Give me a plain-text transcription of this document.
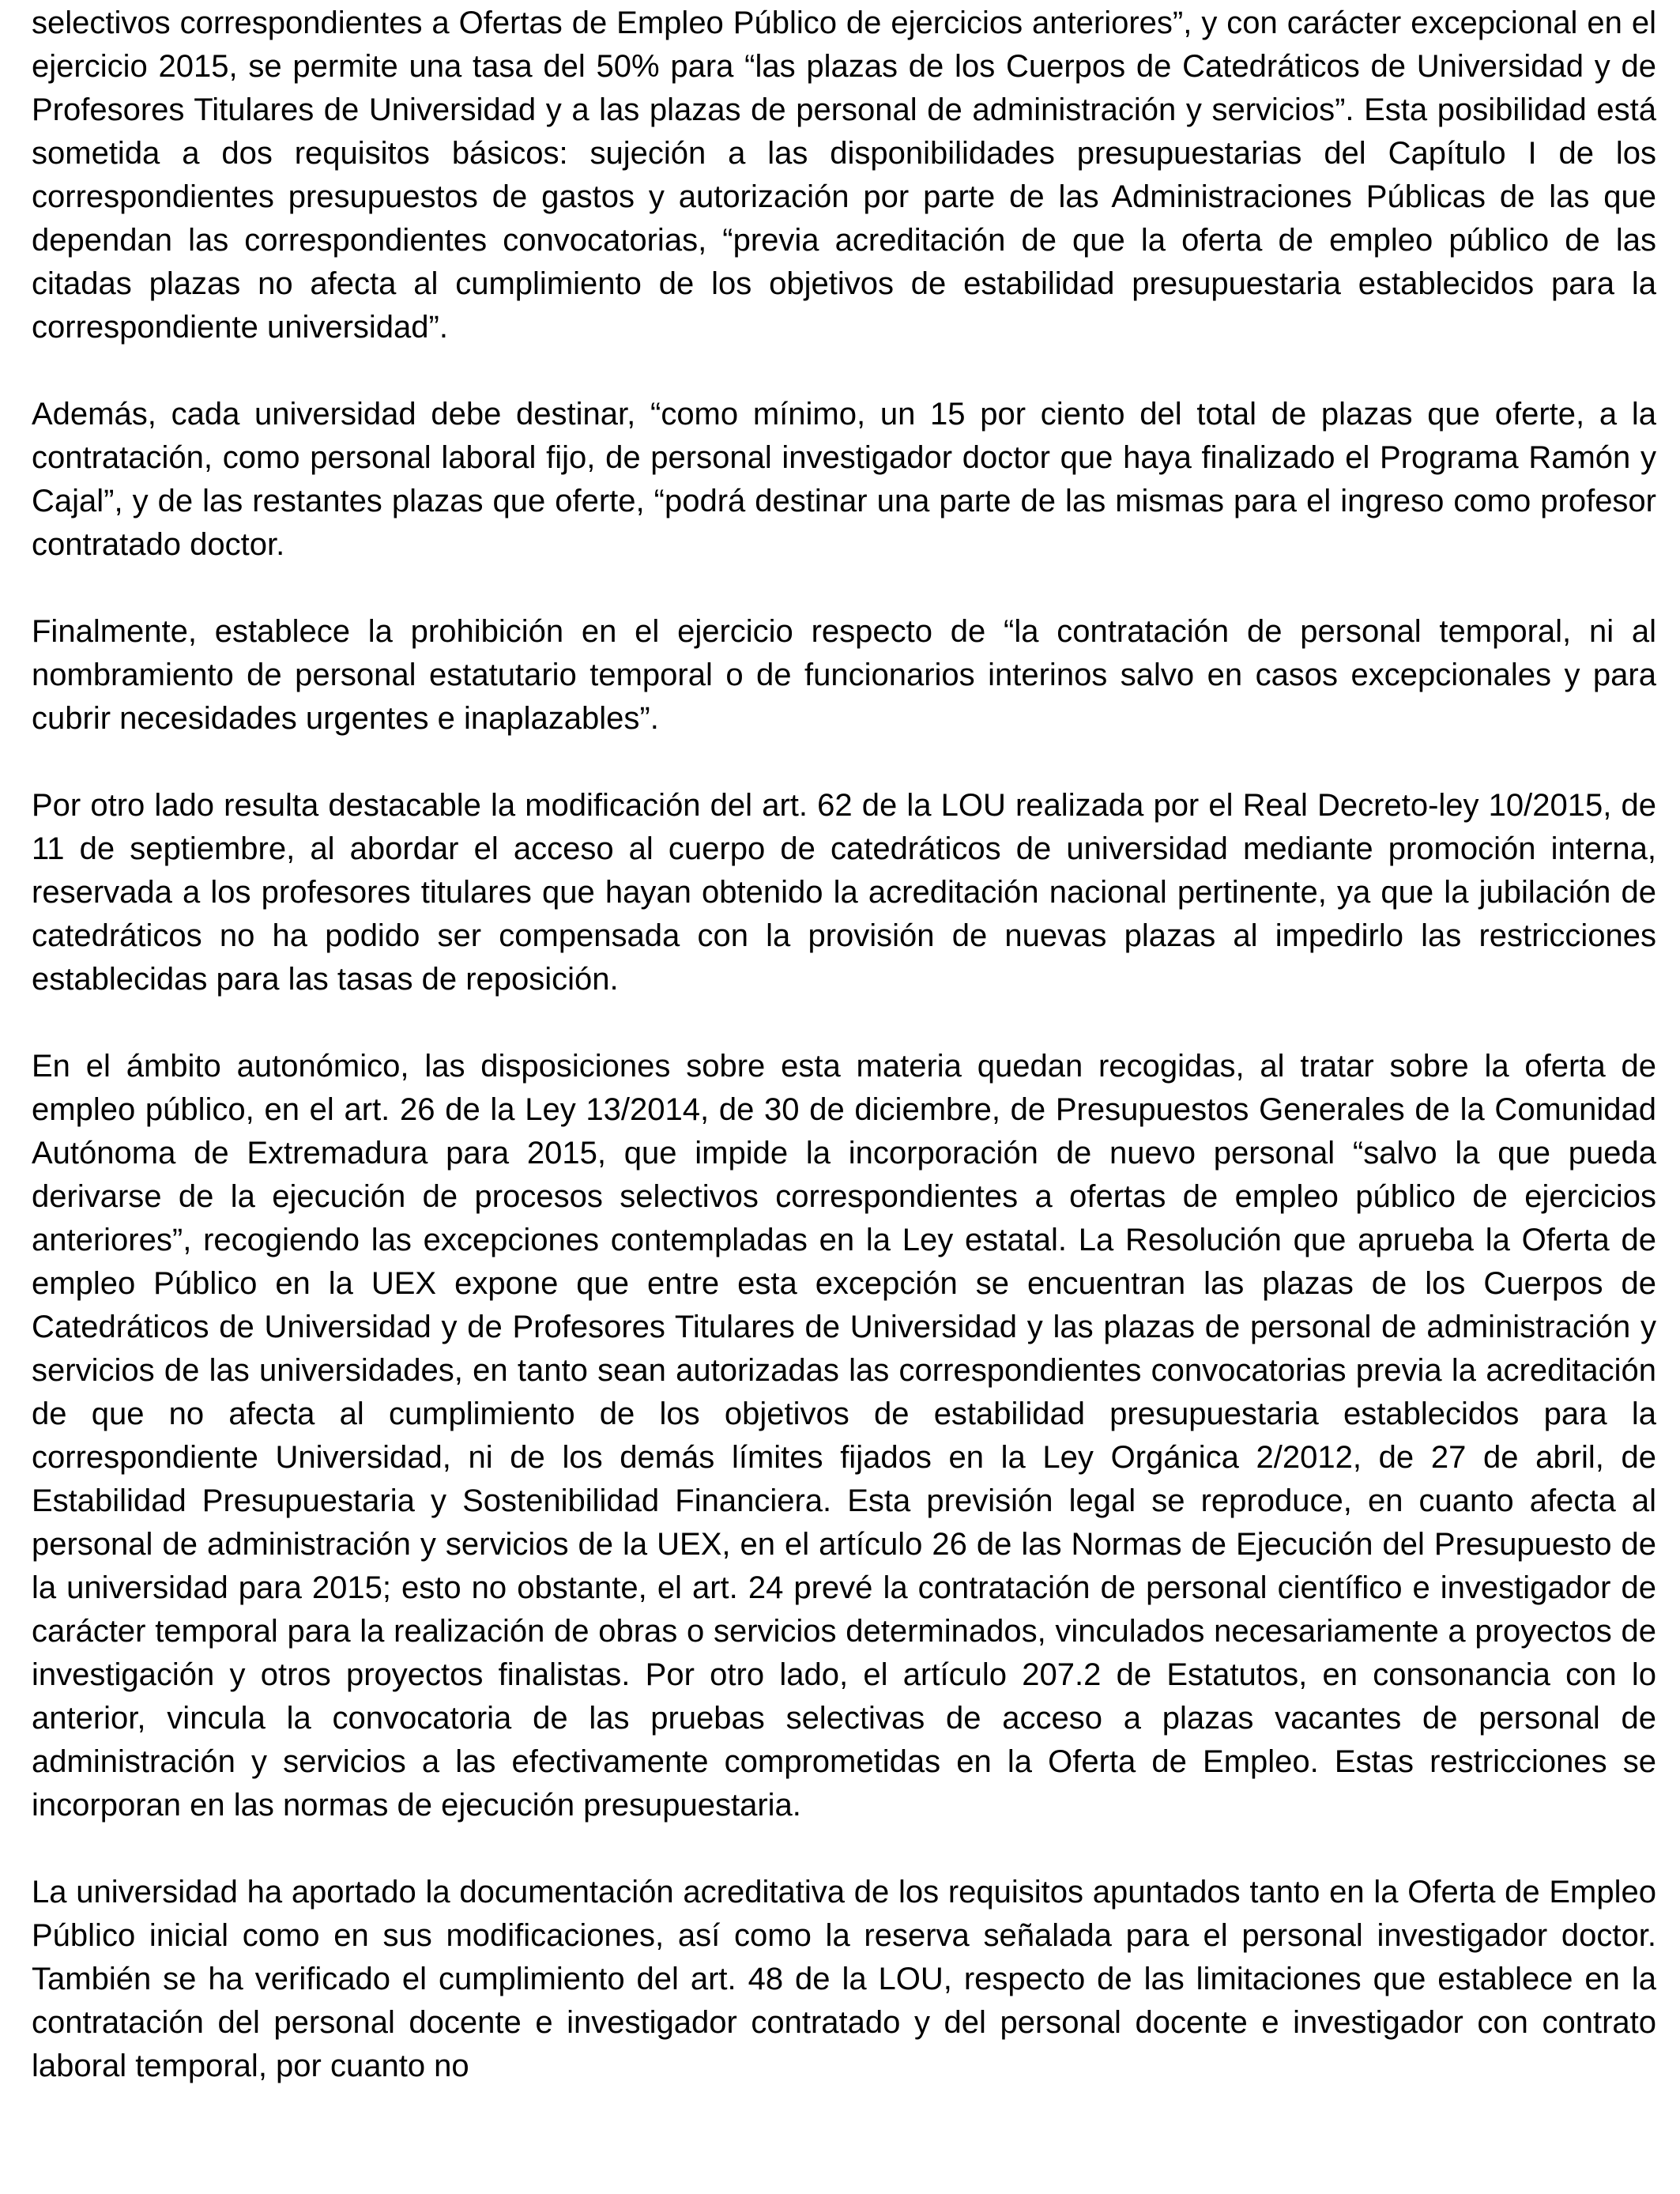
selectivos correspondientes a Ofertas de Empleo Público de ejercicios anteriores”, y con carácter excepcional en el ejercicio 2015, se permite una tasa del 50% para “las plazas de los Cuerpos de Catedráticos de Universidad y de Profesores Titulares de Universidad y a las plazas de personal de administración y servicios”. Esta posibilidad está sometida a dos requisitos básicos: sujeción a las disponibilidades presupuestarias del Capítulo I de los correspondientes presupuestos de gastos y autorización por parte de las Administraciones Públicas de las que dependan las correspondientes convocatorias, “previa acreditación de que la oferta de empleo público de las citadas plazas no afecta al cumplimiento de los objetivos de estabilidad presupuestaria establecidos para la correspondiente universidad”.

Además, cada universidad debe destinar, “como mínimo, un 15 por ciento del total de plazas que oferte, a la contratación, como personal laboral fijo, de personal investigador doctor que haya finalizado el Programa Ramón y Cajal”, y de las restantes plazas que oferte, “podrá destinar una parte de las mismas para el ingreso como profesor contratado doctor.

Finalmente, establece la prohibición en el ejercicio respecto de “la contratación de personal temporal, ni al nombramiento de personal estatutario temporal o de funcionarios interinos salvo en casos excepcionales y para cubrir necesidades urgentes e inaplazables”.

Por otro lado resulta destacable la modificación del art. 62 de la LOU realizada por el Real Decreto-ley 10/2015, de 11 de septiembre, al abordar el acceso al cuerpo de catedráticos de universidad mediante promoción interna, reservada a los profesores titulares que hayan obtenido la acreditación nacional pertinente, ya que la jubilación de catedráticos no ha podido ser compensada con la provisión de nuevas plazas al impedirlo las restricciones establecidas para las tasas de reposición.

En el ámbito autonómico, las disposiciones sobre esta materia quedan recogidas, al tratar sobre la oferta de empleo público, en el art. 26 de la Ley 13/2014, de 30 de diciembre, de Presupuestos Generales de la Comunidad Autónoma de Extremadura para 2015, que impide la incorporación de nuevo personal “salvo la que pueda derivarse de la ejecución de procesos selectivos correspondientes a ofertas de empleo público de ejercicios anteriores”, recogiendo las excepciones contempladas en la Ley estatal. La Resolución que aprueba la Oferta de empleo Público en la UEX expone que entre esta excepción se encuentran las plazas de los Cuerpos de Catedráticos de Universidad y de Profesores Titulares de Universidad y las plazas de personal de administración y servicios de las universidades, en tanto sean autorizadas las correspondientes convocatorias previa la acreditación de que no afecta al cumplimiento de los objetivos de estabilidad presupuestaria establecidos para la correspondiente Universidad, ni de los demás límites fijados en la Ley Orgánica 2/2012, de 27 de abril, de Estabilidad Presupuestaria y Sostenibilidad Financiera. Esta previsión legal se reproduce, en cuanto afecta al personal de administración y servicios de la UEX, en el artículo 26 de las Normas de Ejecución del Presupuesto de la universidad para 2015; esto no obstante, el art. 24 prevé la contratación de personal científico e investigador de carácter temporal para la realización de obras o servicios determinados, vinculados necesariamente a proyectos de investigación y otros proyectos finalistas. Por otro lado, el artículo 207.2 de Estatutos, en consonancia con lo anterior, vincula la convocatoria de las pruebas selectivas de acceso a plazas vacantes de personal de administración y servicios a las efectivamente comprometidas en la Oferta de Empleo. Estas restricciones se incorporan en las normas de ejecución presupuestaria.

La universidad ha aportado la documentación acreditativa de los requisitos apuntados tanto en la Oferta de Empleo Público inicial como en sus modificaciones, así como la reserva señalada para el personal investigador doctor. También se ha verificado el cumplimiento del art. 48 de la LOU, respecto de las limitaciones que establece en la contratación del personal docente e investigador contratado y del personal docente e investigador con contrato laboral temporal, por cuanto no
